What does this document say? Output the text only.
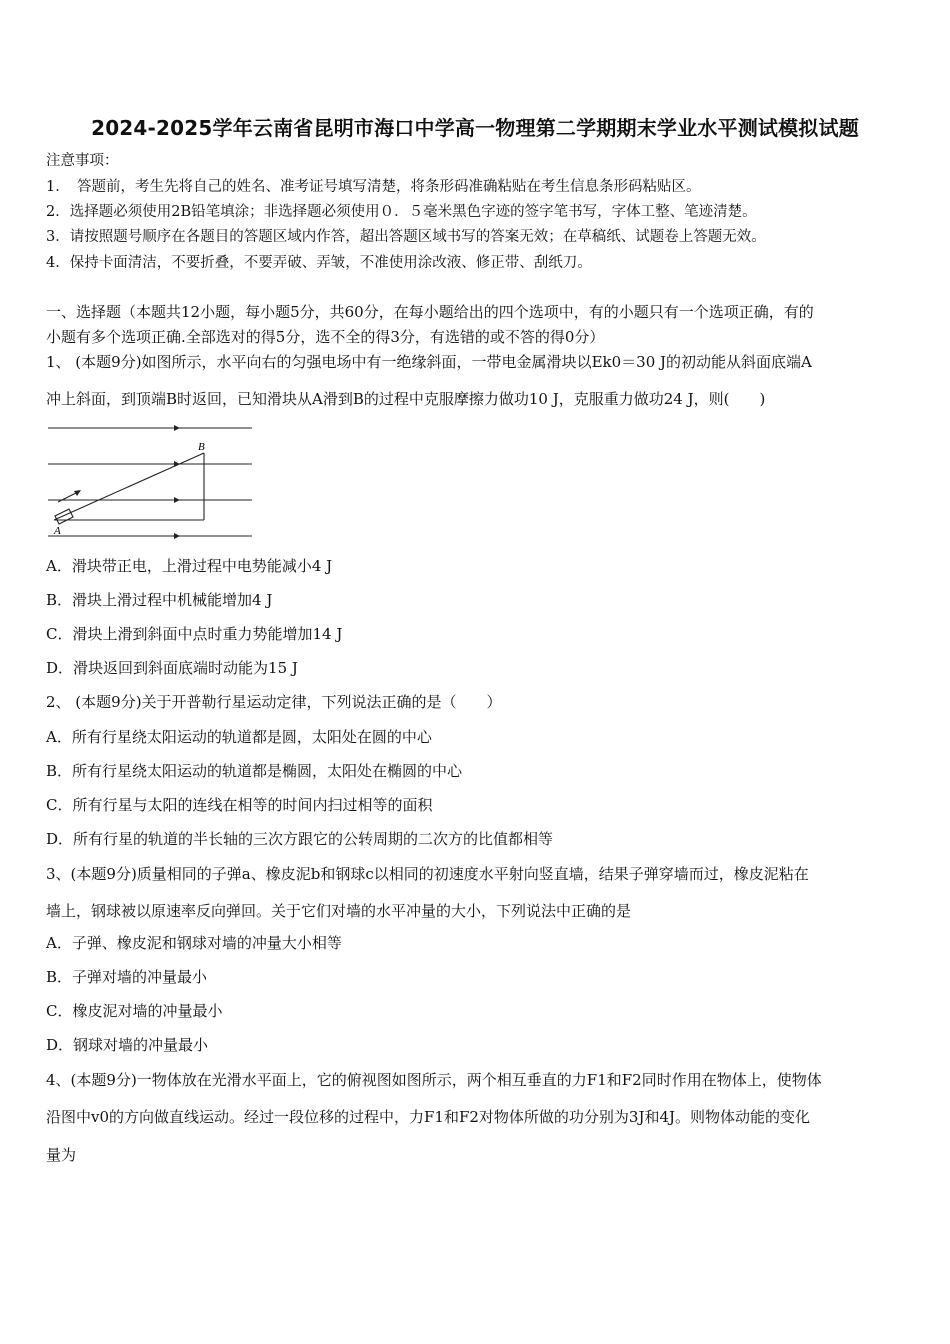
2024-2025学年云南省昆明市海口中学高一物理第二学期期末学业水平测试模拟试题
注意事项：
1．　答题前，考生先将自己的姓名、准考证号填写清楚，将条形码准确粘贴在考生信息条形码粘贴区。
2．选择题必须使用2B铅笔填涂；非选择题必须使用０．５毫米黑色字迹的签字笔书写，字体工整、笔迹清楚。
3．请按照题号顺序在各题目的答题区域内作答，超出答题区域书写的答案无效；在草稿纸、试题卷上答题无效。
4．保持卡面清洁，不要折叠，不要弄破、弄皱，不准使用涂改液、修正带、刮纸刀。
一、选择题（本题共12小题，每小题5分，共60分，在每小题给出的四个选项中，有的小题只有一个选项正确，有的
小题有多个选项正确.全部选对的得5分，选不全的得3分，有选错的或不答的得0分）
1、 (本题9分)如图所示，水平向右的匀强电场中有一绝缘斜面，一带电金属滑块以Ek0＝30 J的初动能从斜面底端A
冲上斜面，到顶端B时返回，已知滑块从A滑到B的过程中克服摩擦力做功10 J，克服重力做功24 J，则(　　)
A
B
A．滑块带正电，上滑过程中电势能减小4 J
B．滑块上滑过程中机械能增加4 J
C．滑块上滑到斜面中点时重力势能增加14 J
D．滑块返回到斜面底端时动能为15 J
2、 (本题9分)关于开普勒行星运动定律，下列说法正确的是（　　）
A．所有行星绕太阳运动的轨道都是圆，太阳处在圆的中心
B．所有行星绕太阳运动的轨道都是椭圆，太阳处在椭圆的中心
C．所有行星与太阳的连线在相等的时间内扫过相等的面积
D．所有行星的轨道的半长轴的三次方跟它的公转周期的二次方的比值都相等
3、(本题9分)质量相同的子弹a、橡皮泥b和钢球c以相同的初速度水平射向竖直墙，结果子弹穿墙而过，橡皮泥粘在
墙上，钢球被以原速率反向弹回。关于它们对墙的水平冲量的大小，下列说法中正确的是
A．子弹、橡皮泥和钢球对墙的冲量大小相等
B．子弹对墙的冲量最小
C．橡皮泥对墙的冲量最小
D．钢球对墙的冲量最小
4、(本题9分)一物体放在光滑水平面上，它的俯视图如图所示，两个相互垂直的力F1和F2同时作用在物体上，使物体
沿图中v0的方向做直线运动。经过一段位移的过程中，力F1和F2对物体所做的功分别为3J和4J。则物体动能的变化
量为
